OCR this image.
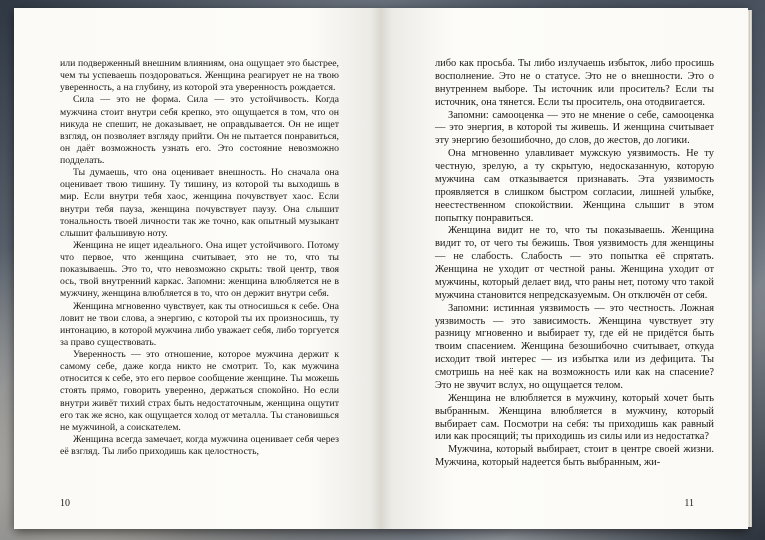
или подверженный внешним влияниям, она ощущает это быстрее, чем ты успеваешь поздороваться. Женщина реагирует не на твою уверенность, а на глубину, из которой эта уверенность рождается.

Сила — это не форма. Сила — это устойчивость. Когда мужчина стоит внутри себя крепко, это ощущается в том, что он никуда не спешит, не доказывает, не оправдывается. Он не ищет взгляд, он позволяет взгляду прийти. Он не пытается понравиться, он даёт возможность узнать его. Это состояние невозможно подделать.

Ты думаешь, что она оценивает внешность. Но сначала она оценивает твою тишину. Ту тишину, из которой ты выходишь в мир. Если внутри тебя хаос, женщина почувствует хаос. Если внутри тебя пауза, женщина почувствует паузу. Она слышит тональность твоей личности так же точно, как опытный музыкант слышит фальшивую ноту.

Женщина не ищет идеального. Она ищет устойчивого. Потому что первое, что женщина считывает, это не то, что ты показываешь. Это то, что невозможно скрыть: твой центр, твоя ось, твой внутренний каркас. Запомни: женщина влюбляется не в мужчину, женщина влюбляется в то, что он держит внутри себя.

Женщина мгновенно чувствует, как ты относишься к себе. Она ловит не твои слова, а энергию, с которой ты их произносишь, ту интонацию, в которой мужчина либо уважает себя, либо торгуется за право существовать.

Уверенность — это отношение, которое мужчина держит к самому себе, даже когда никто не смотрит. То, как мужчина относится к себе, это его первое сообщение женщине. Ты можешь стоять прямо, говорить уверенно, держаться спокойно. Но если внутри живёт тихий страх быть недостаточным, женщина ощутит его так же ясно, как ощущается холод от металла. Ты становишься не мужчиной, а соискателем.

Женщина всегда замечает, когда мужчина оценивает себя через её взгляд. Ты либо приходишь как целостность,

10

либо как просьба. Ты либо излучаешь избыток, либо просишь восполнение. Это не о статусе. Это не о внешности. Это о внутреннем выборе. Ты источник или проситель? Если ты источник, она тянется. Если ты проситель, она отодвигается.

Запомни: самооценка — это не мнение о себе, самооценка — это энергия, в которой ты живешь. И женщина считывает эту энергию безошибочно, до слов, до жестов, до логики.

Она мгновенно улавливает мужскую уязвимость. Не ту честную, зрелую, а ту скрытую, недосказанную, которую мужчина сам отказывается признавать. Эта уязвимость проявляется в слишком быстром согласии, лишней улыбке, неестественном спокойствии. Женщина слышит в этом попытку понравиться.

Женщина видит не то, что ты показываешь. Женщина видит то, от чего ты бежишь. Твоя уязвимость для женщины — не слабость. Слабость — это попытка её спрятать. Женщина не уходит от честной раны. Женщина уходит от мужчины, который делает вид, что раны нет, потому что такой мужчина становится непредсказуемым. Он отключён от себя.

Запомни: истинная уязвимость — это честность. Ложная уязвимость — это зависимость. Женщина чувствует эту разницу мгновенно и выбирает ту, где ей не придётся быть твоим спасением. Женщина безошибочно считывает, откуда исходит твой интерес — из избытка или из дефицита. Ты смотришь на неё как на возможность или как на спасение? Это не звучит вслух, но ощущается телом.

Женщина не влюбляется в мужчину, который хочет быть выбранным. Женщина влюбляется в мужчину, который выбирает сам. Посмотри на себя: ты приходишь как равный или как просящий; ты приходишь из силы или из недостатка?

Мужчина, который выбирает, стоит в центре своей жизни. Мужчина, который надеется быть выбранным, жи-

11
